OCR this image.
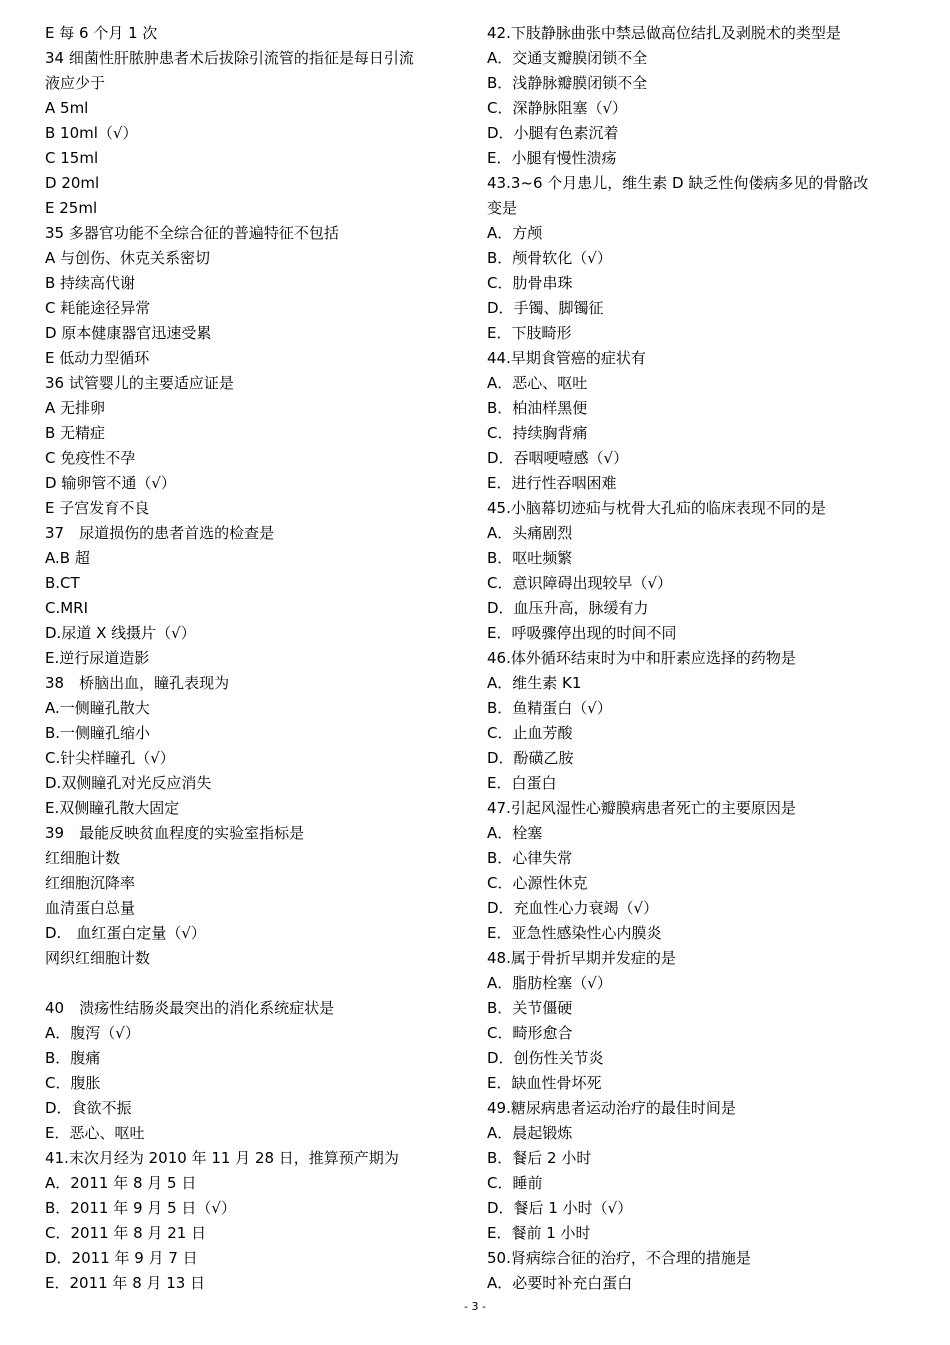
E 每 6 个月 1 次
34 细菌性肝脓肿患者术后拔除引流管的指征是每日引流
液应少于
A 5ml
B 10ml（√）
C 15ml
D 20ml
E 25ml
35 多器官功能不全综合征的普遍特征不包括
A 与创伤、休克关系密切
B 持续高代谢
C 耗能途径异常
D 原本健康器官迅速受累
E 低动力型循环
36 试管婴儿的主要适应证是
A 无排卵
B 无精症
C 免疫性不孕
D 输卵管不通（√）
E 子宫发育不良
37　尿道损伤的患者首选的检查是
A.B 超
B.CT
C.MRI
D.尿道 X 线摄片（√）
E.逆行尿道造影
38　桥脑出血，瞳孔表现为
A.一侧瞳孔散大
B.一侧瞳孔缩小
C.针尖样瞳孔（√）
D.双侧瞳孔对光反应消失
E.双侧瞳孔散大固定
39　最能反映贫血程度的实验室指标是
红细胞计数
红细胞沉降率
血清蛋白总量
D.　血红蛋白定量（√）
网织红细胞计数
40　溃疡性结肠炎最突出的消化系统症状是
A．腹泻（√）
B．腹痛
C．腹胀
D．食欲不振
E．恶心、呕吐
41.末次月经为 2010 年 11 月 28 日，推算预产期为
A．2011 年 8 月 5 日
B．2011 年 9 月 5 日（√）
C．2011 年 8 月 21 日
D．2011 年 9 月 7 日
E．2011 年 8 月 13 日
42.下肢静脉曲张中禁忌做高位结扎及剥脱术的类型是
A．交通支瓣膜闭锁不全
B．浅静脉瓣膜闭锁不全
C．深静脉阻塞（√）
D．小腿有色素沉着
E．小腿有慢性溃疡
43.3~6 个月患儿，维生素 D 缺乏性佝偻病多见的骨骼改
变是
A．方颅
B．颅骨软化（√）
C．肋骨串珠
D．手镯、脚镯征
E．下肢畸形
44.早期食管癌的症状有
A．恶心、呕吐
B．柏油样黑便
C．持续胸背痛
D．吞咽哽噎感（√）
E．进行性吞咽困难
45.小脑幕切迹疝与枕骨大孔疝的临床表现不同的是
A．头痛剧烈
B．呕吐频繁
C．意识障碍出现较早（√）
D．血压升高，脉缓有力
E．呼吸骤停出现的时间不同
46.体外循环结束时为中和肝素应选择的药物是
A．维生素 K1
B．鱼精蛋白（√）
C．止血芳酸
D．酚磺乙胺
E．白蛋白
47.引起风湿性心瓣膜病患者死亡的主要原因是
A．栓塞
B．心律失常
C．心源性休克
D．充血性心力衰竭（√）
E．亚急性感染性心内膜炎
48.属于骨折早期并发症的是
A．脂肪栓塞（√）
B．关节僵硬
C．畸形愈合
D．创伤性关节炎
E．缺血性骨坏死
49.糖尿病患者运动治疗的最佳时间是
A．晨起锻炼
B．餐后 2 小时
C．睡前
D．餐后 1 小时（√）
E．餐前 1 小时
50.肾病综合征的治疗，不合理的措施是
A．必要时补充白蛋白
- 3 -
